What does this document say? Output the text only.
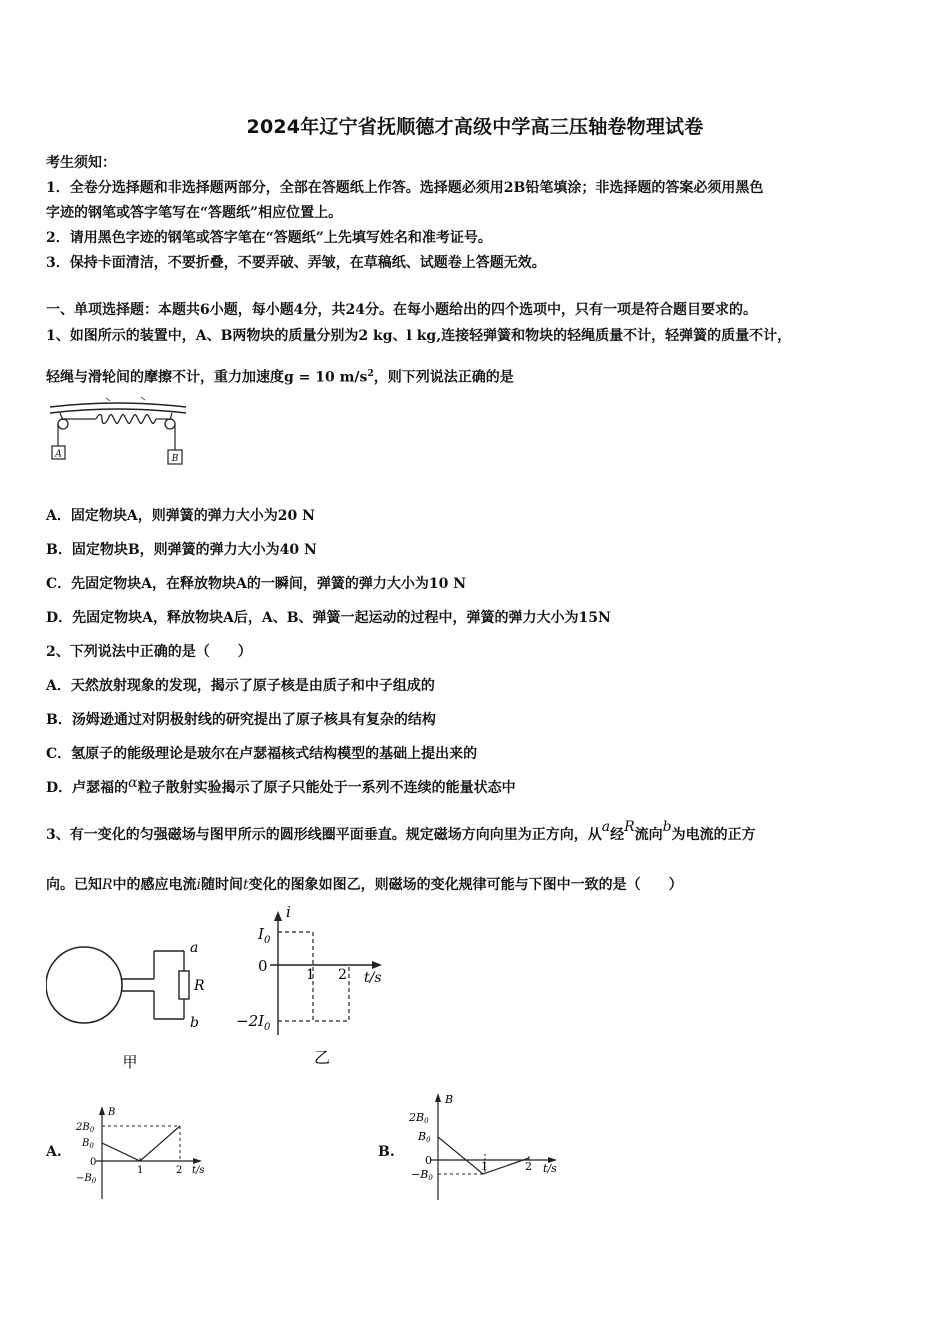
2024年辽宁省抚顺德才高级中学高三压轴卷物理试卷
考生须知：
1．全卷分选择题和非选择题两部分，全部在答题纸上作答。选择题必须用2B铅笔填涂；非选择题的答案必须用黑色
字迹的钢笔或答字笔写在“答题纸”相应位置上。
2．请用黑色字迹的钢笔或答字笔在“答题纸”上先填写姓名和准考证号。
3．保持卡面清洁，不要折叠，不要弄破、弄皱，在草稿纸、试题卷上答题无效。
一、单项选择题：本题共6小题，每小题4分，共24分。在每小题给出的四个选项中，只有一项是符合题目要求的。
1、如图所示的装置中，A、B两物块的质量分别为2 kg、l kg,连接轻弹簧和物块的轻绳质量不计，轻弹簧的质量不计，
轻绳与滑轮间的摩擦不计，重力加速度g = 10 $m/s^2$，则下列说法正确的是
A	B
A．固定物块A，则弹簧的弹力大小为20 N
B．固定物块B，则弹簧的弹力大小为40 N
C．先固定物块A，在释放物块A的一瞬间，弹簧的弹力大小为10 N
D．先固定物块A，释放物块A后，A、B、弹簧一起运动的过程中，弹簧的弹力大小为15N
2、下列说法中正确的是（　　）
A．天然放射现象的发现，揭示了原子核是由质子和中子组成的
B．汤姆逊通过对阴极射线的研究提出了原子核具有复杂的结构
C．氢原子的能级理论是玻尔在卢瑟福核式结构模型的基础上提出来的
D．卢瑟福的α粒子散射实验揭示了原子只能处于一系列不连续的能量状态中
3、有一变化的匀强磁场与图甲所示的圆形线圈平面垂直。规定磁场方向向里为正方向，从a经R流向b为电流的正方
向。已知R中的感应电流i随时间t变化的图象如图乙，则磁场的变化规律可能与下图中一致的是（　　）
a
R
b
甲
i
$I_0$
0
$-2I_0$
1 2 t/s
乙
A.
B
$2B_0$
$B_0$
0
$-B_0$
1	2 t/s
B.
B
2B0
B0
0
−B0
1	2 t/s
